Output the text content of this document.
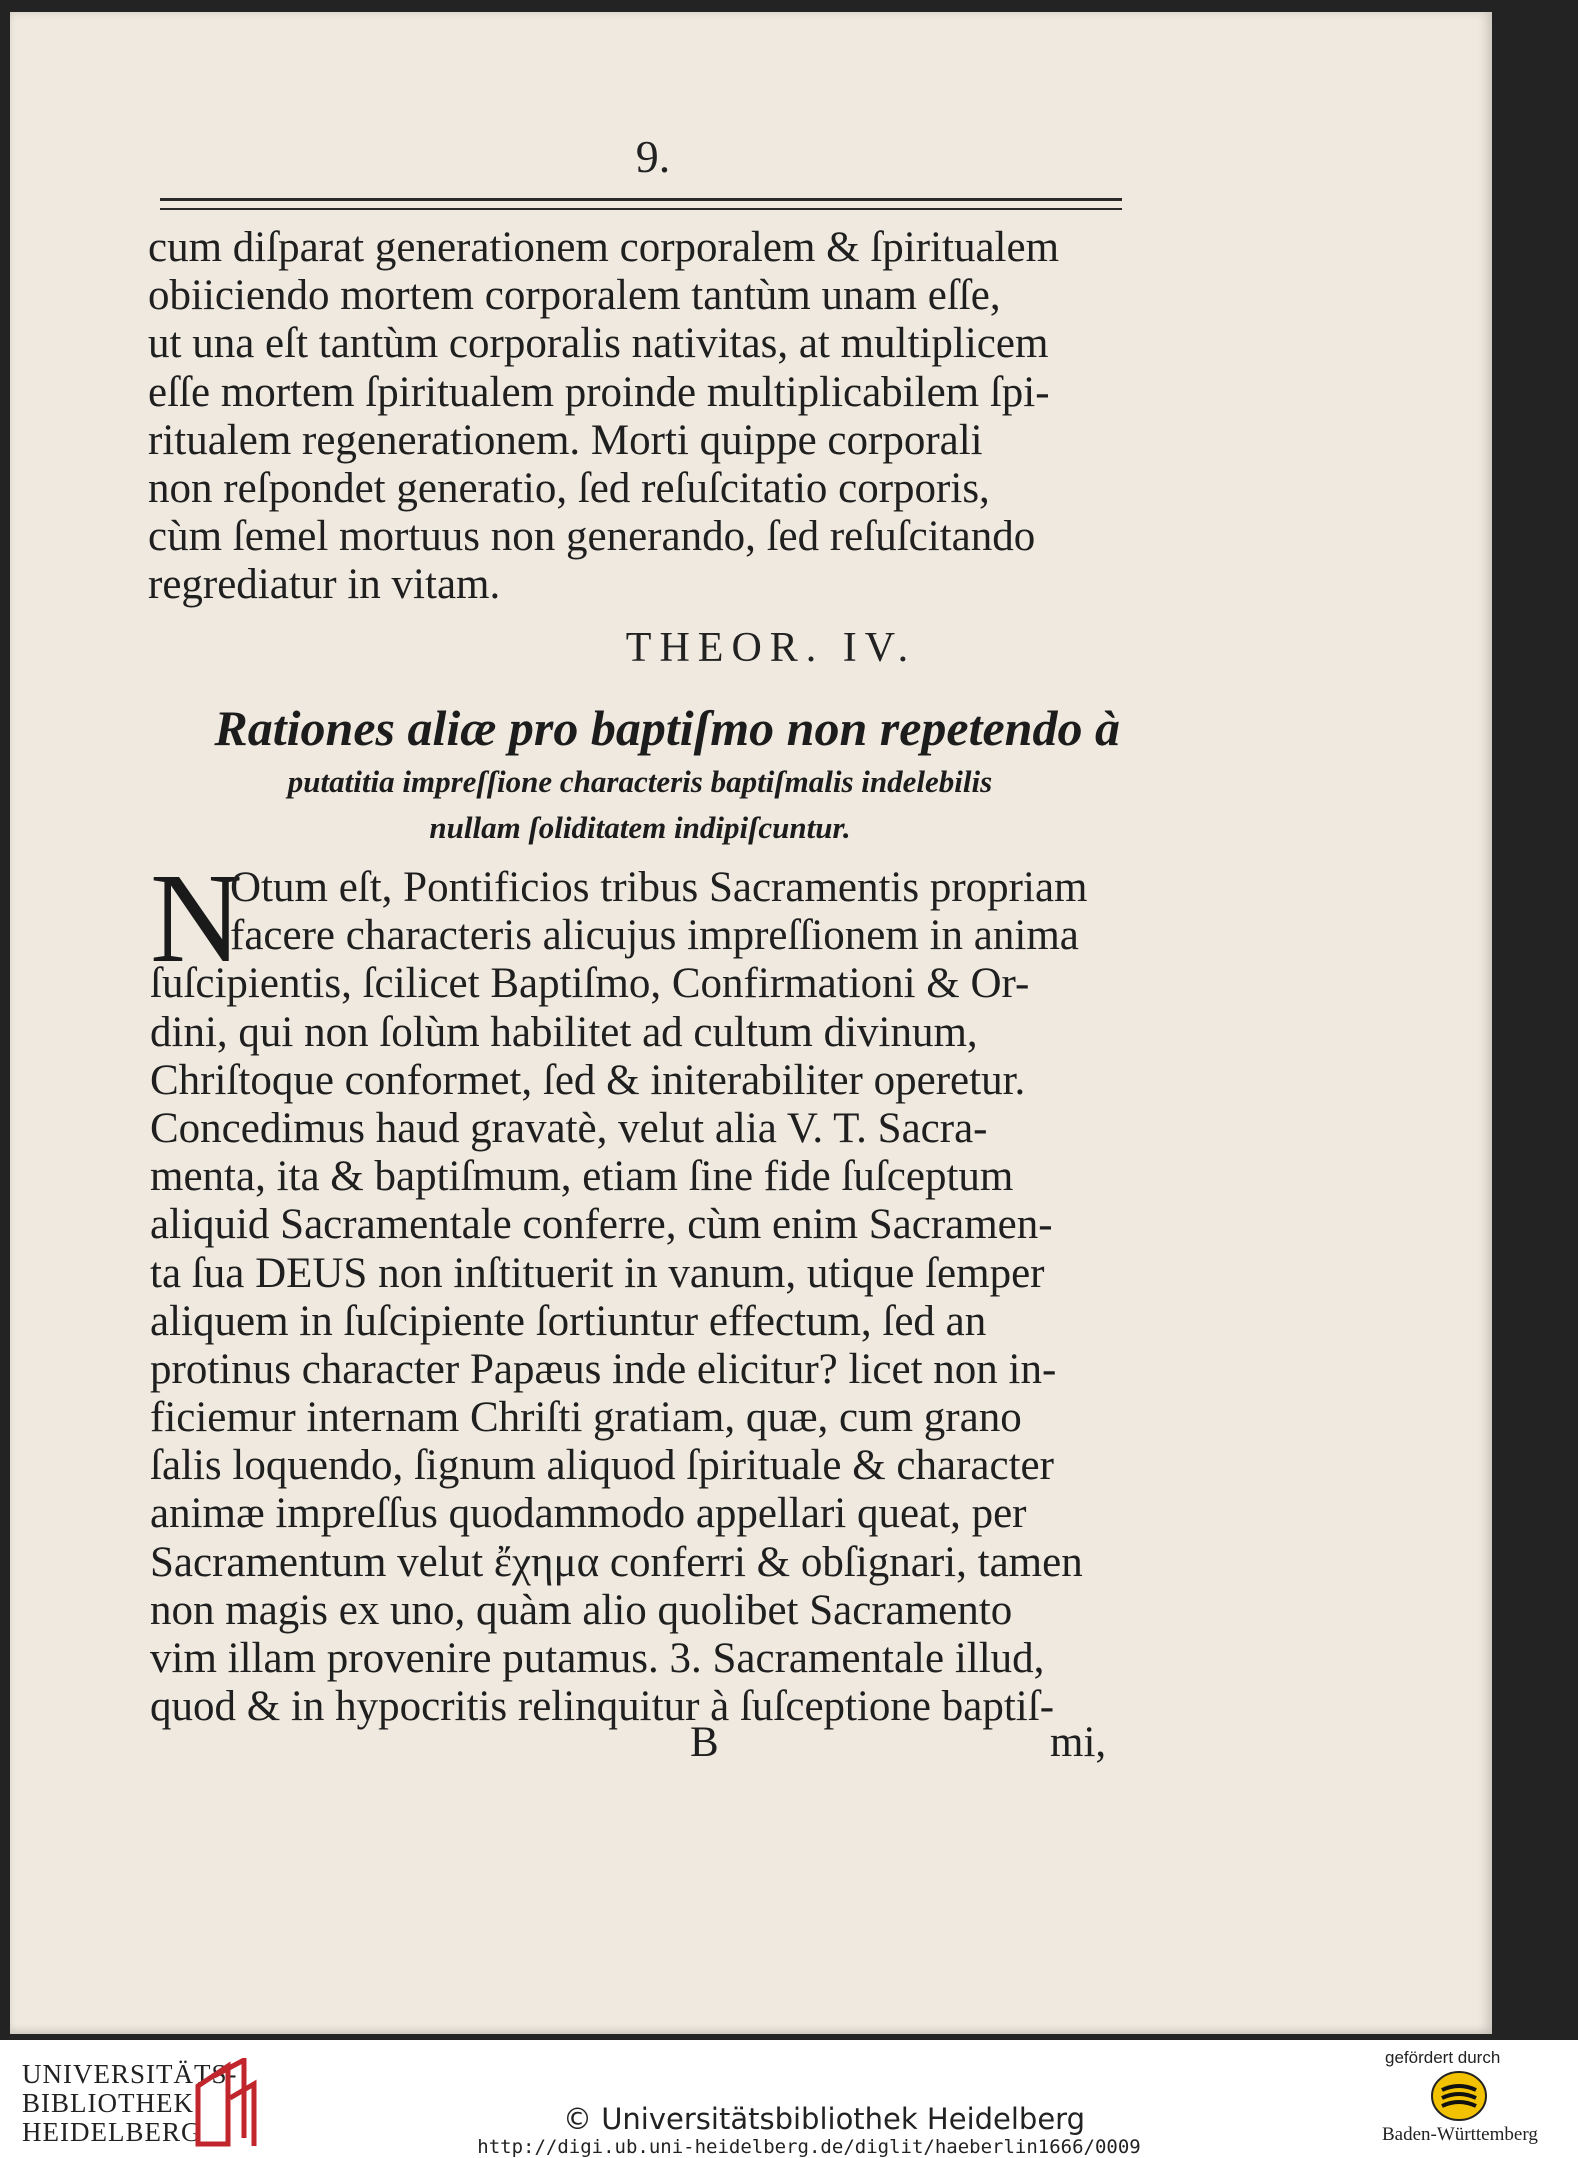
9.
cum diſparat generationem corporalem & ſpiritualem
obiiciendo mortem corporalem tantùm unam eſſe,
ut una eſt tantùm corporalis nativitas, at multiplicem
eſſe mortem ſpiritualem proinde multiplicabilem ſpi-
ritualem regenerationem. Morti quippe corporali
non reſpondet generatio, ſed reſuſcitatio corporis,
cùm ſemel mortuus non generando, ſed reſuſcitando
regrediatur in vitam.
THEOR. IV.
Rationes aliæ pro baptiſmo non repetendo à
putatitia impreſſione characteris baptiſmalis indelebilis
nullam ſoliditatem indipiſcuntur.
N
Otum eſt, Pontificios tribus Sacramentis propriam
facere characteris alicujus impreſſionem in anima
ſuſcipientis, ſcilicet Baptiſmo, Confirmationi & Or-
dini, qui non ſolùm habilitet ad cultum divinum,
Chriſtoque conformet, ſed & initerabiliter operetur.
Concedimus haud gravatè, velut alia V. T. Sacra-
menta, ita & baptiſmum, etiam ſine fide ſuſceptum
aliquid Sacramentale conferre, cùm enim Sacramen-
ta ſua DEUS non inſtituerit in vanum, utique ſemper
aliquem in ſuſcipiente ſortiuntur effectum, ſed an
protinus character Papæus inde elicitur? licet non in-
ficiemur internam Chriſti gratiam, quæ, cum grano
ſalis loquendo, ſignum aliquod ſpirituale & character
animæ impreſſus quodammodo appellari queat, per
Sacramentum velut ἔχημα conferri & obſignari, tamen
non magis ex uno, quàm alio quolibet Sacramento
vim illam provenire putamus. 3. Sacramentale illud,
quod & in hypocritis relinquitur à ſuſceptione baptiſ-
B	mi,
UNIVERSITÄTS-
BIBLIOTHEK
HEIDELBERG	© Universitätsbibliothek Heidelberg
http://digi.ub.uni-heidelberg.de/diglit/haeberlin1666/0009
gefördert durch
Baden-Württemberg
